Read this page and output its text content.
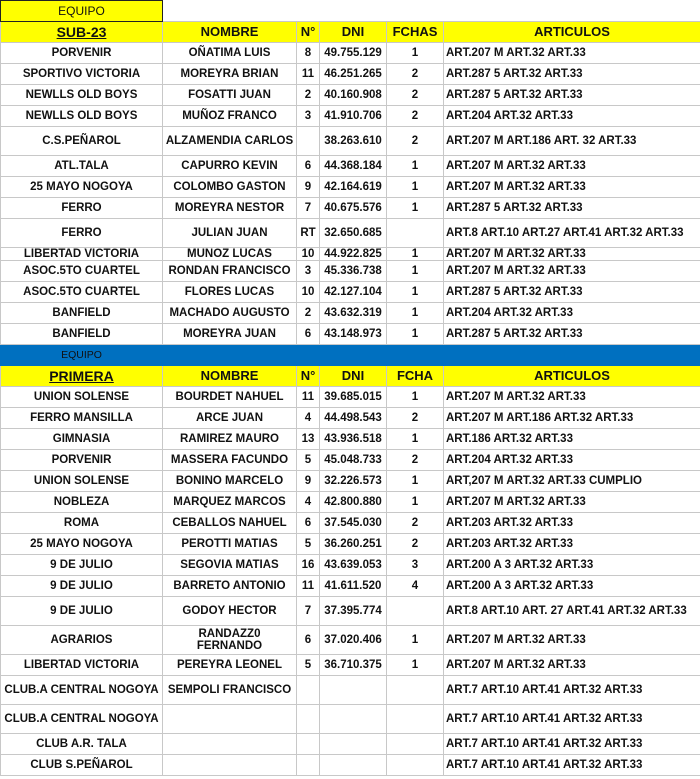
EQUIPO					
SUB-23	NOMBRE	N°	DNI	FCHAS	ARTICULOS
PORVENIR	OÑATIMA LUIS	8	49.755.129	1	ART.207 M ART.32 ART.33
SPORTIVO VICTORIA	MOREYRA BRIAN	11	46.251.265	2	ART.287 5 ART.32 ART.33
NEWLLS OLD BOYS	FOSATTI JUAN	2	40.160.908	2	ART.287 5 ART.32 ART.33
NEWLLS OLD BOYS	MUÑOZ FRANCO	3	41.910.706	2	ART.204 ART.32 ART.33
C.S.PEÑAROL	ALZAMENDIA CARLOS		38.263.610	2	ART.207 M ART.186 ART. 32 ART.33
ATL.TALA	CAPURRO KEVIN	6	44.368.184	1	ART.207 M ART.32 ART.33
25 MAYO NOGOYA	COLOMBO GASTON	9	42.164.619	1	ART.207 M ART.32 ART.33
FERRO	MOREYRA NESTOR	7	40.675.576	1	ART.287 5 ART.32 ART.33
FERRO	JULIAN JUAN	RT	32.650.685		ART.8 ART.10 ART.27 ART.41 ART.32 ART.33
LIBERTAD VICTORIA	MUÑOZ LUCAS	10	44.922.825	1	ART.207 M ART.32 ART.33
ASOC.5TO CUARTEL	RONDAN FRANCISCO	3	45.336.738	1	ART.207 M ART.32 ART.33
ASOC.5TO CUARTEL	FLORES LUCAS	10	42.127.104	1	ART.287 5 ART.32 ART.33
BANFIELD	MACHADO AUGUSTO	2	43.632.319	1	ART.204 ART.32 ART.33
BANFIELD	MOREYRA JUAN	6	43.148.973	1	ART.287 5 ART.32 ART.33
EQUIPO					
PRIMERA	NOMBRE	N°	DNI	FCHA	ARTICULOS
UNION SOLENSE	BOURDET NAHUEL	11	39.685.015	1	ART.207 M ART.32 ART.33
FERRO MANSILLA	ARCE JUAN	4	44.498.543	2	ART.207 M ART.186 ART.32 ART.33
GIMNASIA	RAMIREZ MAURO	13	43.936.518	1	ART.186 ART.32 ART.33
PORVENIR	MASSERA FACUNDO	5	45.048.733	2	ART.204 ART.32 ART.33
UNION SOLENSE	BONINO MARCELO	9	32.226.573	1	ART,207 M ART.32 ART.33 CUMPLIO
NOBLEZA	MARQUEZ MARCOS	4	42.800.880	1	ART.207 M ART.32 ART.33
ROMA	CEBALLOS NAHUEL	6	37.545.030	2	ART.203 ART.32 ART.33
25 MAYO NOGOYA	PEROTTI MATIAS	5	36.260.251	2	ART.203 ART.32 ART.33
9 DE JULIO	SEGOVIA MATIAS	16	43.639.053	3	ART.200 A 3 ART.32 ART.33
9 DE JULIO	BARRETO ANTONIO	11	41.611.520	4	ART.200 A 3 ART.32 ART.33
9 DE JULIO	GODOY HECTOR	7	37.395.774		ART.8 ART.10 ART. 27 ART.41 ART.32 ART.33
AGRARIOS	RANDAZZ0 FERNANDO	6	37.020.406	1	ART.207 M ART.32 ART.33
LIBERTAD VICTORIA	PEREYRA LEONEL	5	36.710.375	1	ART.207 M ART.32 ART.33
CLUB.A CENTRAL NOGOYA	SEMPOLI FRANCISCO				ART.7 ART.10 ART.41 ART.32 ART.33
CLUB.A CENTRAL NOGOYA					ART.7 ART.10 ART.41 ART.32 ART.33
CLUB A.R. TALA					ART.7 ART.10 ART.41 ART.32 ART.33
CLUB S.PEÑAROL					ART.7 ART.10 ART.41 ART.32 ART.33
